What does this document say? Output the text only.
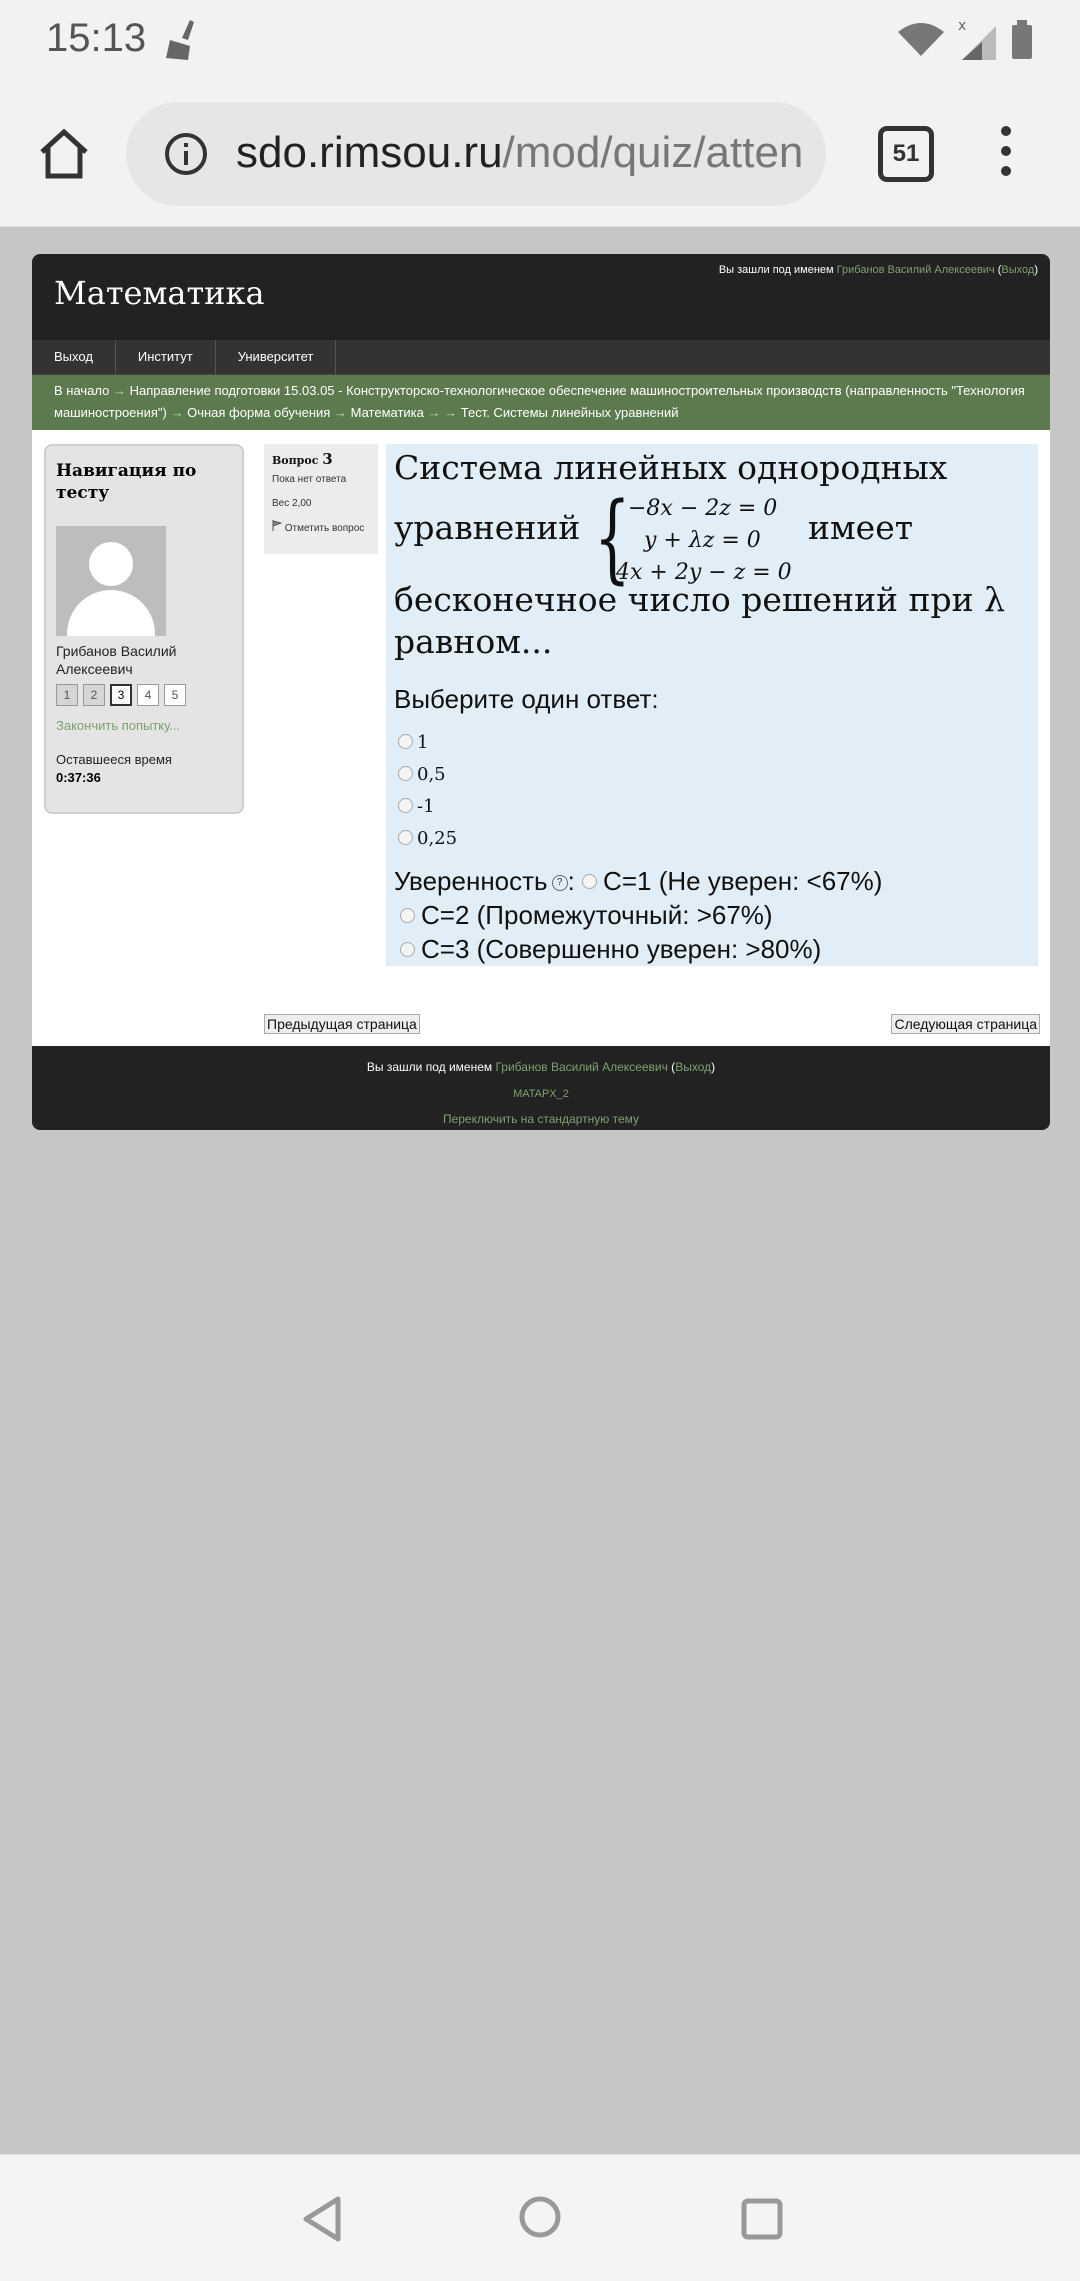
15:13	x
sdo.rimsou.ru/mod/quiz/atten	51
Математика
Вы зашли под именем Грибанов Василий Алексеевич (Выход)
Выход	Институт	Университет
В начало → Направление подготовки 15.03.05 - Конструкторско-технологическое обеспечение машиностроительных производств (направленность "Технология машиностроения") → Очная форма обучения → Математика → → Тест. Системы линейных уравнений
Навигация по тесту
Грибанов Василий Алексеевич
1 2 3 4 5
Закончить попытку...
Оставшееся время
0:37:36
Вопрос 3
Пока нет ответа
Вес 2,00
Отметить вопрос
Система линейных однородных
уравнений {
−8x − 2z = 0
y + λz = 0
4x + 2y − z = 0
имеет
бесконечное число решений при λ
равном...
Выберите один ответ:
1
0,5
-1
0,25
Уверенность ? : C=1 (Не уверен: <67%)
C=2 (Промежуточный: >67%)
C=3 (Совершенно уверен: >80%)
Предыдущая страница	Следующая страница
Вы зашли под именем Грибанов Василий Алексеевич (Выход)
MATAPX_2
Переключить на стандартную тему
